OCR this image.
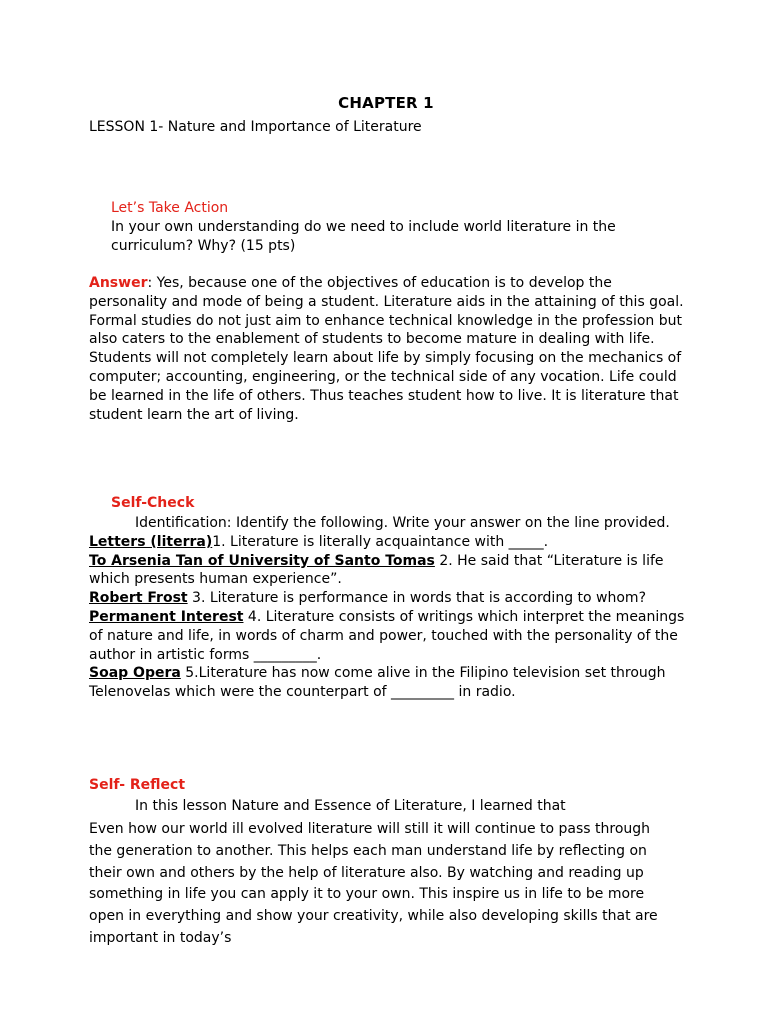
CHAPTER 1
LESSON 1- Nature and Importance of Literature
Let’s Take Action

In your own understanding do we need to include world literature in the curriculum? Why? (15 pts)

Answer: Yes, because one of the objectives of education is to develop the personality and mode of being a student. Literature aids in the attaining of this goal. Formal studies do not just aim to enhance technical knowledge in the profession but also caters to the enablement of students to become mature in dealing with life. Students will not completely learn about life by simply focusing on the mechanics of computer; accounting, engineering, or the technical side of any vocation. Life could be learned in the life of others. Thus teaches student how to live. It is literature that student learn the art of living.

Self-Check

Identification: Identify the following. Write your answer on the line provided.

Letters (literra)1. Literature is literally acquaintance with _____.

To Arsenia Tan of University of Santo Tomas 2. He said that “Literature is life which presents human experience”.

Robert Frost 3. Literature is performance in words that is according to whom?

Permanent Interest 4. Literature consists of writings which interpret the meanings of nature and life, in words of charm and power, touched with the personality of the author in artistic forms _________.

Soap Opera 5.Literature has now come alive in the Filipino television set through Telenovelas which were the counterpart of _________ in radio.

Self- Reflect
In this lesson Nature and Essence of Literature, I learned that

Even how our world ill evolved literature will still it will continue to pass through the generation to another. This helps each man understand life by reflecting on their own and others by the help of literature also. By watching and reading up something in life you can apply it to your own. This inspire us in life to be more open in everything and show your creativity, while also developing skills that are important in today’s
